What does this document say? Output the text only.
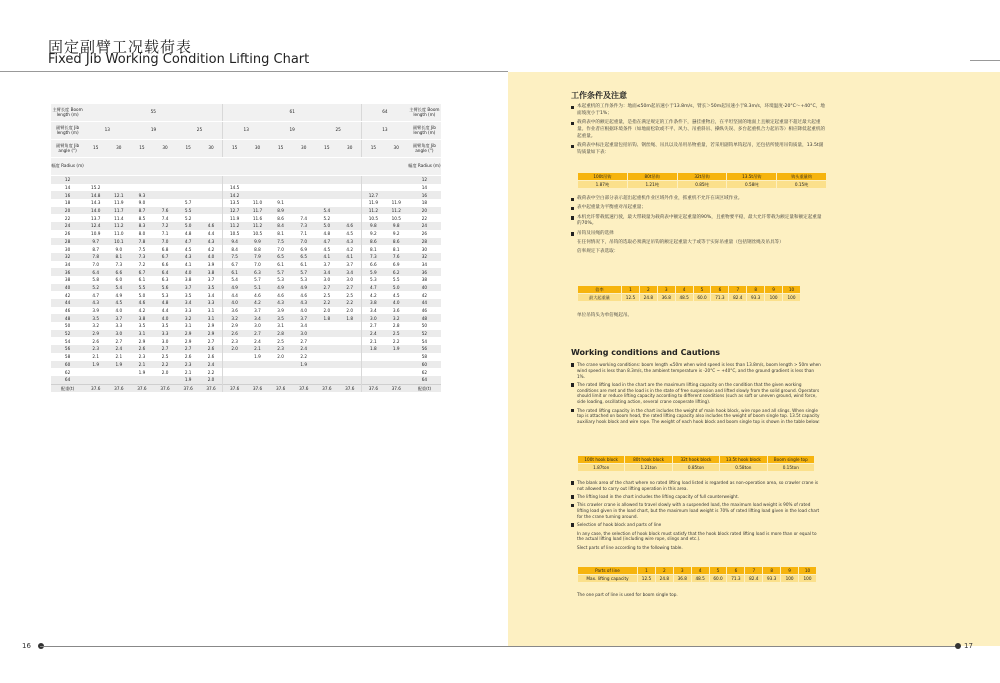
固定副臂工况载荷表
Fixed Jib Working Condition Lifting Chart
主臂长度 Boom length (m)	55						61						64		主臂长度 Boom length (m)
副臂长度 Jib length (m)	13		19		25		13		19		25		13		副臂长度 Jib length (m)
副臂角度 Jib angle (°)	15	30	15	30	15	30	15	30	15	30	15	30	15	30	副臂角度 Jib angle (°)
幅度 Radius (m)															幅度 Radius (m)
12															12
14	15.2						14.5								14
16	14.8	12.1	9.3				14.2						12.7		16
18	14.3	11.9	9.0		5.7		13.5	11.0	9.1				11.9	11.9	18
20	14.0	11.7	8.7	7.6	5.5		12.7	11.7	8.9		5.4		11.2	11.2	20
22	13.7	11.4	8.5	7.4	5.2		11.9	11.6	8.6	7.4	5.2		10.5	10.5	22
24	12.4	11.2	8.3	7.2	5.0	4.6	11.2	11.2	8.4	7.3	5.0	4.6	9.8	9.8	24
26	10.9	11.0	8.0	7.1	4.8	4.4	10.5	10.5	8.1	7.1	4.8	4.5	9.2	9.2	26
28	9.7	10.1	7.8	7.0	4.7	4.3	9.4	9.9	7.5	7.0	4.7	4.3	8.6	8.6	28
30	8.7	9.0	7.5	6.8	4.5	4.2	8.4	8.8	7.0	6.9	4.5	4.2	8.1	8.1	30
32	7.8	8.1	7.3	6.7	4.3	4.0	7.5	7.9	6.5	6.5	4.1	4.1	7.3	7.6	32
34	7.0	7.3	7.2	6.6	4.1	3.9	6.7	7.0	6.1	6.1	3.7	3.7	6.6	6.9	34
36	6.4	6.6	6.7	6.4	4.0	3.8	6.1	6.3	5.7	5.7	3.4	3.4	5.9	6.2	36
38	5.8	6.0	6.1	6.3	3.8	3.7	5.4	5.7	5.3	5.3	3.0	3.0	5.3	5.5	38
40	5.2	5.4	5.5	5.6	3.7	3.5	4.9	5.1	4.9	4.9	2.7	2.7	4.7	5.0	40
42	4.7	4.9	5.0	5.3	3.5	3.4	4.4	4.6	4.6	4.6	2.5	2.5	4.2	4.5	42
44	4.3	4.5	4.6	4.8	3.4	3.3	4.0	4.2	4.3	4.3	2.2	2.2	3.8	4.0	44
46	3.9	4.0	4.2	4.4	3.3	3.1	3.6	3.7	3.9	4.0	2.0	2.0	3.4	3.6	46
48	3.5	3.7	3.8	4.0	3.2	3.1	3.2	3.4	3.5	3.7	1.8	1.8	3.0	3.2	48
50	3.2	3.3	3.5	3.5	3.1	2.9	2.9	3.0	3.1	3.4			2.7	2.8	50
52	2.9	3.0	3.1	3.3	2.9	2.9	2.6	2.7	2.8	3.0			2.4	2.5	52
54	2.6	2.7	2.9	3.0	2.9	2.7	2.3	2.4	2.5	2.7			2.1	2.2	54
56	2.3	2.4	2.6	2.7	2.7	2.6	2.0	2.1	2.3	2.4			1.8	1.9	56
58	2.1	2.1	2.3	2.5	2.6	2.6		1.9	2.0	2.2					58
60	1.9	1.9	2.1	2.2	2.3	2.4				1.9					60
62			1.9	2.0	2.1	2.2									62
64					1.9	2.0									64
配重(t)	37.6	37.6	37.6	37.6	37.6	37.6	37.6	37.6	37.6	37.6	37.6	37.6	37.6	37.6	配重(t)
工作条件及注意

本起重机的工作条件为：地面≤50m起吊速小于13.8m/s，臂长＞50m起吊速小于8.3m/s，环境温度-20°C～+40°C，地面坡度小于1%；

载荷表中的额定起重量，是指在满足规定的工作条件下，悬挂重物后，在平坦坚固的地面上且额定起重量不超过最大起重量。作业者应根据环境条件（如地面松软或不平、风力、吊重斜吊、操纵失误、多台起重机合力起吊等）相应降低起重机的起重量。

载荷表中标注起重量包括吊钩、钢丝绳、吊具以及吊用吊物重量，若采用副钩单钩起吊，还包括所使用吊钩质量，13.5t副钩质量如下表：

100t吊钩	80t吊钩	32t吊钩	13.5t吊钩	钩头重量钩
1.87吨	1.21吨	0.85吨	0.58吨	0.15吨

载荷表中空白部分表示超出起重机作业区域外作业，抓重机不允许在该区域作业。

表中起重量为平衡重对吊起重量；

本机允许带载低速行驶，最大带载量为载荷表中额定起重量的90%，且重物要平稳，最大允许带载为额定量和额定起重量的70%。

吊钩及吊绳的选择

在任何情况下，吊钩的选取必须满足吊钩的额定起重量大于或等于实际吊重量（包括钢丝绳及吊具等）

倍率规定下表选取：

倍率	1	2	3	4	5	6	7	8	9	10
最大起重量	12.5	24.8	36.8	48.5	60.0	71.3	82.4	93.3	100	100

单位吊钩头为单倍绳起吊。

Working conditions and Cautions

The crane working conditions: boom length ≤50m when wind speed is less than 13.8m/s, boom length > 50m when wind speed is less than 8.3m/s, the ambient temperature is -20°C ~ +40°C, and the ground gradient is less than 1%.

The rated lifting load in the chart are the maximum lifting capacity on the condition that the given working conditions are met and the load is in the state of free suspension and lifted slowly from the solid ground. Operators should limit or reduce lifting capacity according to different conditions (such as soft or uneven ground, wind force, side loading, oscillating action, several crane cooperate lifting).

The rated lifting capacity in the chart includes the weight of main hook block, wire rope and all slings. When single top is attached on boom head, the rated lifting capacity also includes the weight of boom single top. 13.5t capacity auxiliary hook block and wire rope. The weight of each hook block and boom single top is shown in the table below:

100t hook block	80t hook block	32t hook block	13.5t hook block	Boom single top
1.87ton	1.21ton	0.85ton	0.58ton	0.15ton

The blank area of the chart where no rated lifting load listed is regarded as non-operation area, so crawler crane is not allowed to carry out lifting operation in this area.

The lifting load in the chart includes the lifting capacity of full counterweight.

This crawler crane is allowed to travel slowly with a suspended load, the maximum load weight is 90% of rated lifting load given in the load chart, but the maximum load weight is 70% of rated lifting load given in the load chart for the crane turning around.

Selection of hook block and parts of line

In any case, the selection of hook block must satisfy that the hook block rated lifting load is more than or equal to the actual lifting load (including wire rope, slings and etc.).

Slect parts of line according to the following table.

Parts of line	1	2	3	4	5	6	7	8	9	10
Max. lifting capacity	12.5	24.8	36.8	48.5	60.0	71.3	82.4	93.3	100	100

The one part of line is used for boom single top.

16	17
